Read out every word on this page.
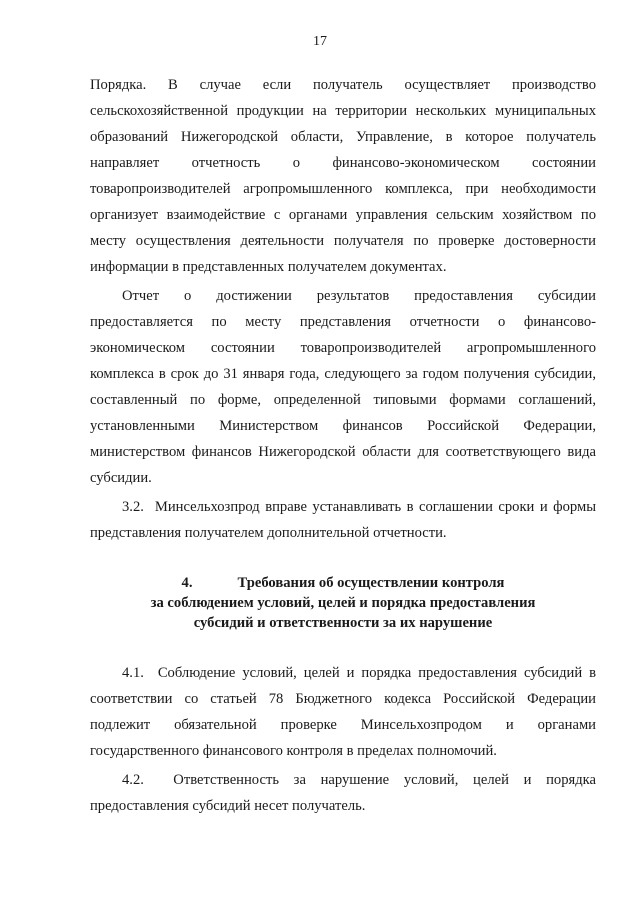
17

Порядка. В случае если получатель осуществляет производство сельскохозяйственной продукции на территории нескольких муниципальных образований Нижегородской области, Управление, в которое получатель направляет отчетность о финансово-экономическом состоянии товаропроизводителей агропромышленного комплекса, при необходимости организует взаимодействие с органами управления сельским хозяйством по месту осуществления деятельности получателя по проверке достоверности информации в представленных получателем документах.

Отчет о достижении результатов предоставления субсидии предоставляется по месту представления отчетности о финансово-экономическом состоянии товаропроизводителей агропромышленного комплекса в срок до 31 января года, следующего за годом получения субсидии, составленный по форме, определенной типовыми формами соглашений, установленными Министерством финансов Российской Федерации, министерством финансов Нижегородской области для соответствующего вида субсидии.

3.2.  Минсельхозпрод вправе устанавливать в соглашении сроки и формы представления получателем дополнительной отчетности.

4.	Требования об осуществлении контроля
за соблюдением условий, целей и порядка предоставления
субсидий и ответственности за их нарушение

4.1.  Соблюдение условий, целей и порядка предоставления субсидий в соответствии со статьей 78 Бюджетного кодекса Российской Федерации подлежит обязательной проверке Минсельхозпродом и органами государственного финансового контроля в пределах полномочий.

4.2.  Ответственность за нарушение условий, целей и порядка предоставления субсидий несет получатель.
